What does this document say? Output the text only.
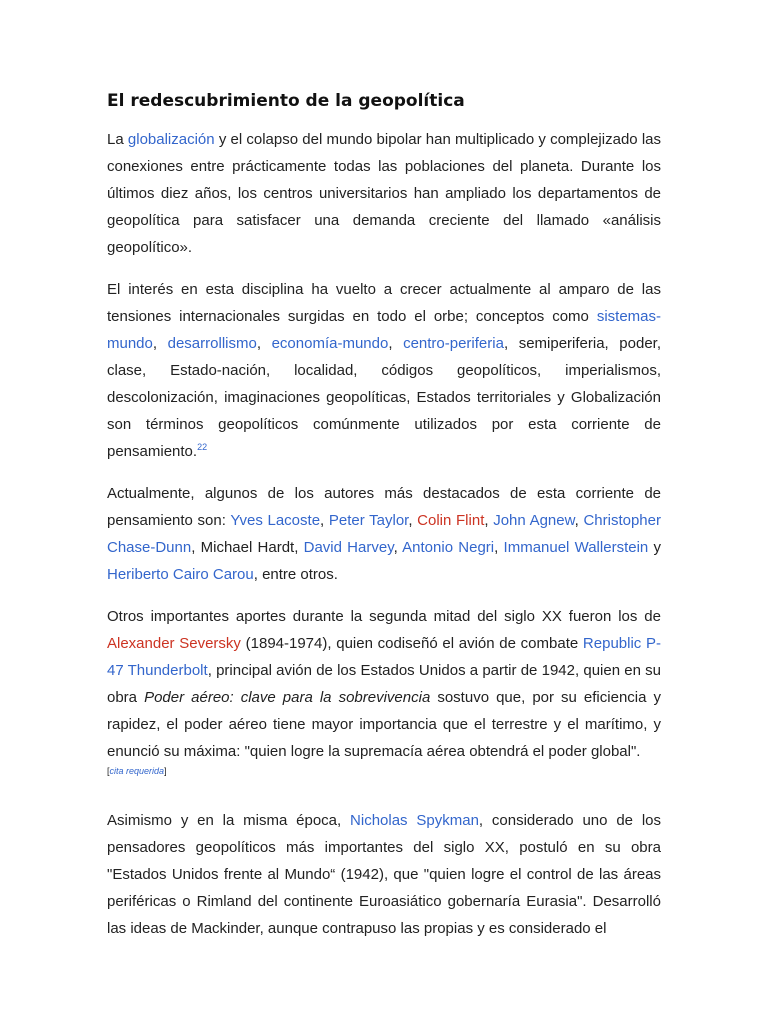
El redescubrimiento de la geopolítica

La globalización y el colapso del mundo bipolar han multiplicado y complejizado las conexiones entre prácticamente todas las poblaciones del planeta. Durante los últimos diez años, los centros universitarios han ampliado los departamentos de geopolítica para satisfacer una demanda creciente del llamado «análisis geopolítico».

El interés en esta disciplina ha vuelto a crecer actualmente al amparo de las tensiones internacionales surgidas en todo el orbe; conceptos como sistemas-mundo, desarrollismo, economía-mundo, centro-periferia, semiperiferia, poder, clase, Estado-nación, localidad, códigos geopolíticos, imperialismos, descolonización, imaginaciones geopolíticas, Estados territoriales y Globalización son términos geopolíticos comúnmente utilizados por esta corriente de pensamiento.$^{22}$

Actualmente, algunos de los autores más destacados de esta corriente de pensamiento son: Yves Lacoste, Peter Taylor, Colin Flint, John Agnew, Christopher Chase-Dunn, Michael Hardt, David Harvey, Antonio Negri, Immanuel Wallerstein y Heriberto Cairo Carou, entre otros.

Otros importantes aportes durante la segunda mitad del siglo XX fueron los de Alexander Seversky (1894-1974), quien codiseñó el avión de combate Republic P-47 Thunderbolt, principal avión de los Estados Unidos a partir de 1942, quien en su obra Poder aéreo: clave para la sobrevivencia sostuvo que, por su eficiencia y rapidez, el poder aéreo tiene mayor importancia que el terrestre y el marítimo, y enunció su máxima: "quien logre la supremacía aérea obtendrá el poder global".
[cita requerida]

Asimismo y en la misma época, Nicholas Spykman, considerado uno de los pensadores geopolíticos más importantes del siglo XX, postuló en su obra "Estados Unidos frente al Mundo“ (1942), que "quien logre el control de las áreas periféricas o Rimland del continente Euroasiático gobernaría Eurasia". Desarrolló las ideas de Mackinder, aunque contrapuso las propias y es considerado el
